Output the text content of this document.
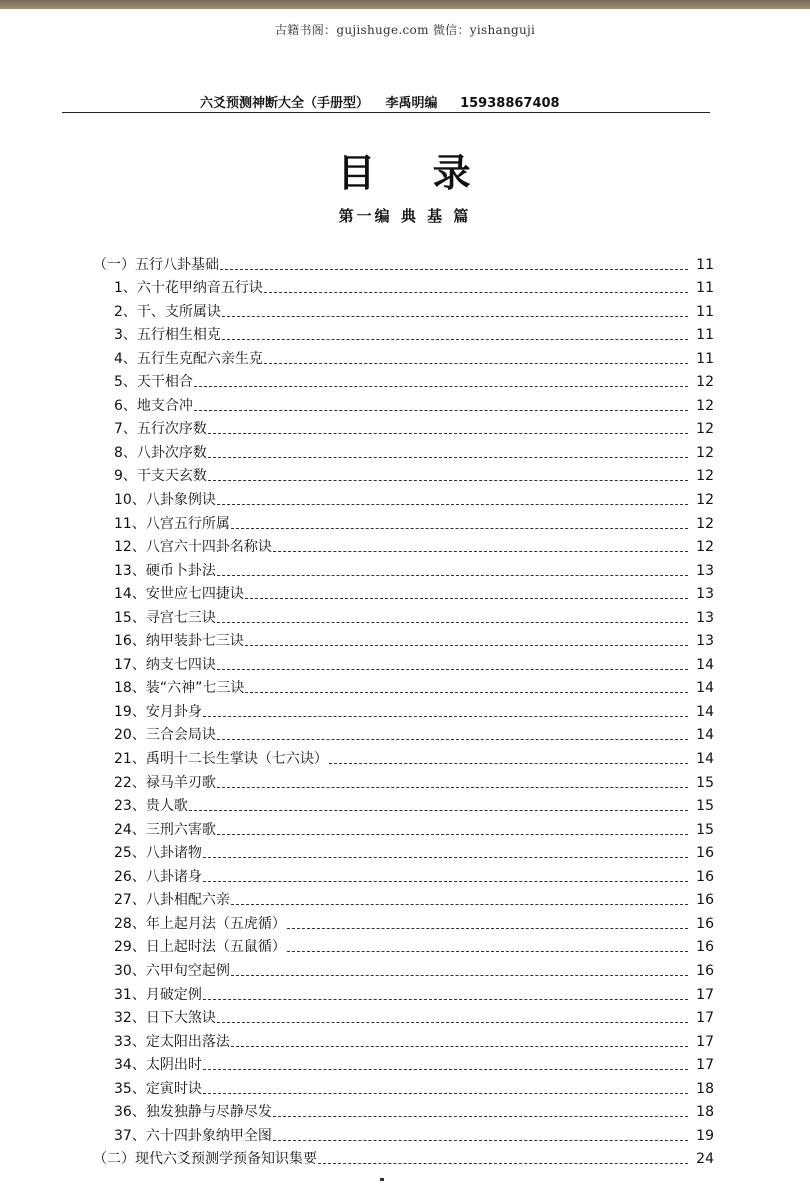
古籍书阁：gujishuge.com 微信：yishanguji
六爻预测神断大全（手册型） 李禹明编 15938867408
目 录
第一编 典 基 篇
（一）五行八卦基础	11
1、六十花甲纳音五行诀	11
2、干、支所属诀	11
3、五行相生相克	11
4、五行生克配六亲生克	11
5、天干相合	12
6、地支合冲	12
7、五行次序数	12
8、八卦次序数	12
9、干支天玄数	12
10、八卦象例诀	12
11、八宫五行所属	12
12、八宫六十四卦名称诀	12
13、硬币卜卦法	13
14、安世应七四捷诀	13
15、寻宫七三诀	13
16、纳甲装卦七三诀	13
17、纳支七四诀	14
18、装“六神”七三诀	14
19、安月卦身	14
20、三合会局诀	14
21、禹明十二长生掌诀（七六诀）	14
22、禄马羊刃歌	15
23、贵人歌	15
24、三刑六害歌	15
25、八卦诸物	16
26、八卦诸身	16
27、八卦相配六亲	16
28、年上起月法（五虎循）	16
29、日上起时法（五鼠循）	16
30、六甲旬空起例	16
31、月破定例	17
32、日下大煞诀	17
33、定太阳出落法	17
34、太阴出时	17
35、定寅时诀	18
36、独发独静与尽静尽发	18
37、六十四卦象纳甲全图	19
（二）现代六爻预测学预备知识集要	24
